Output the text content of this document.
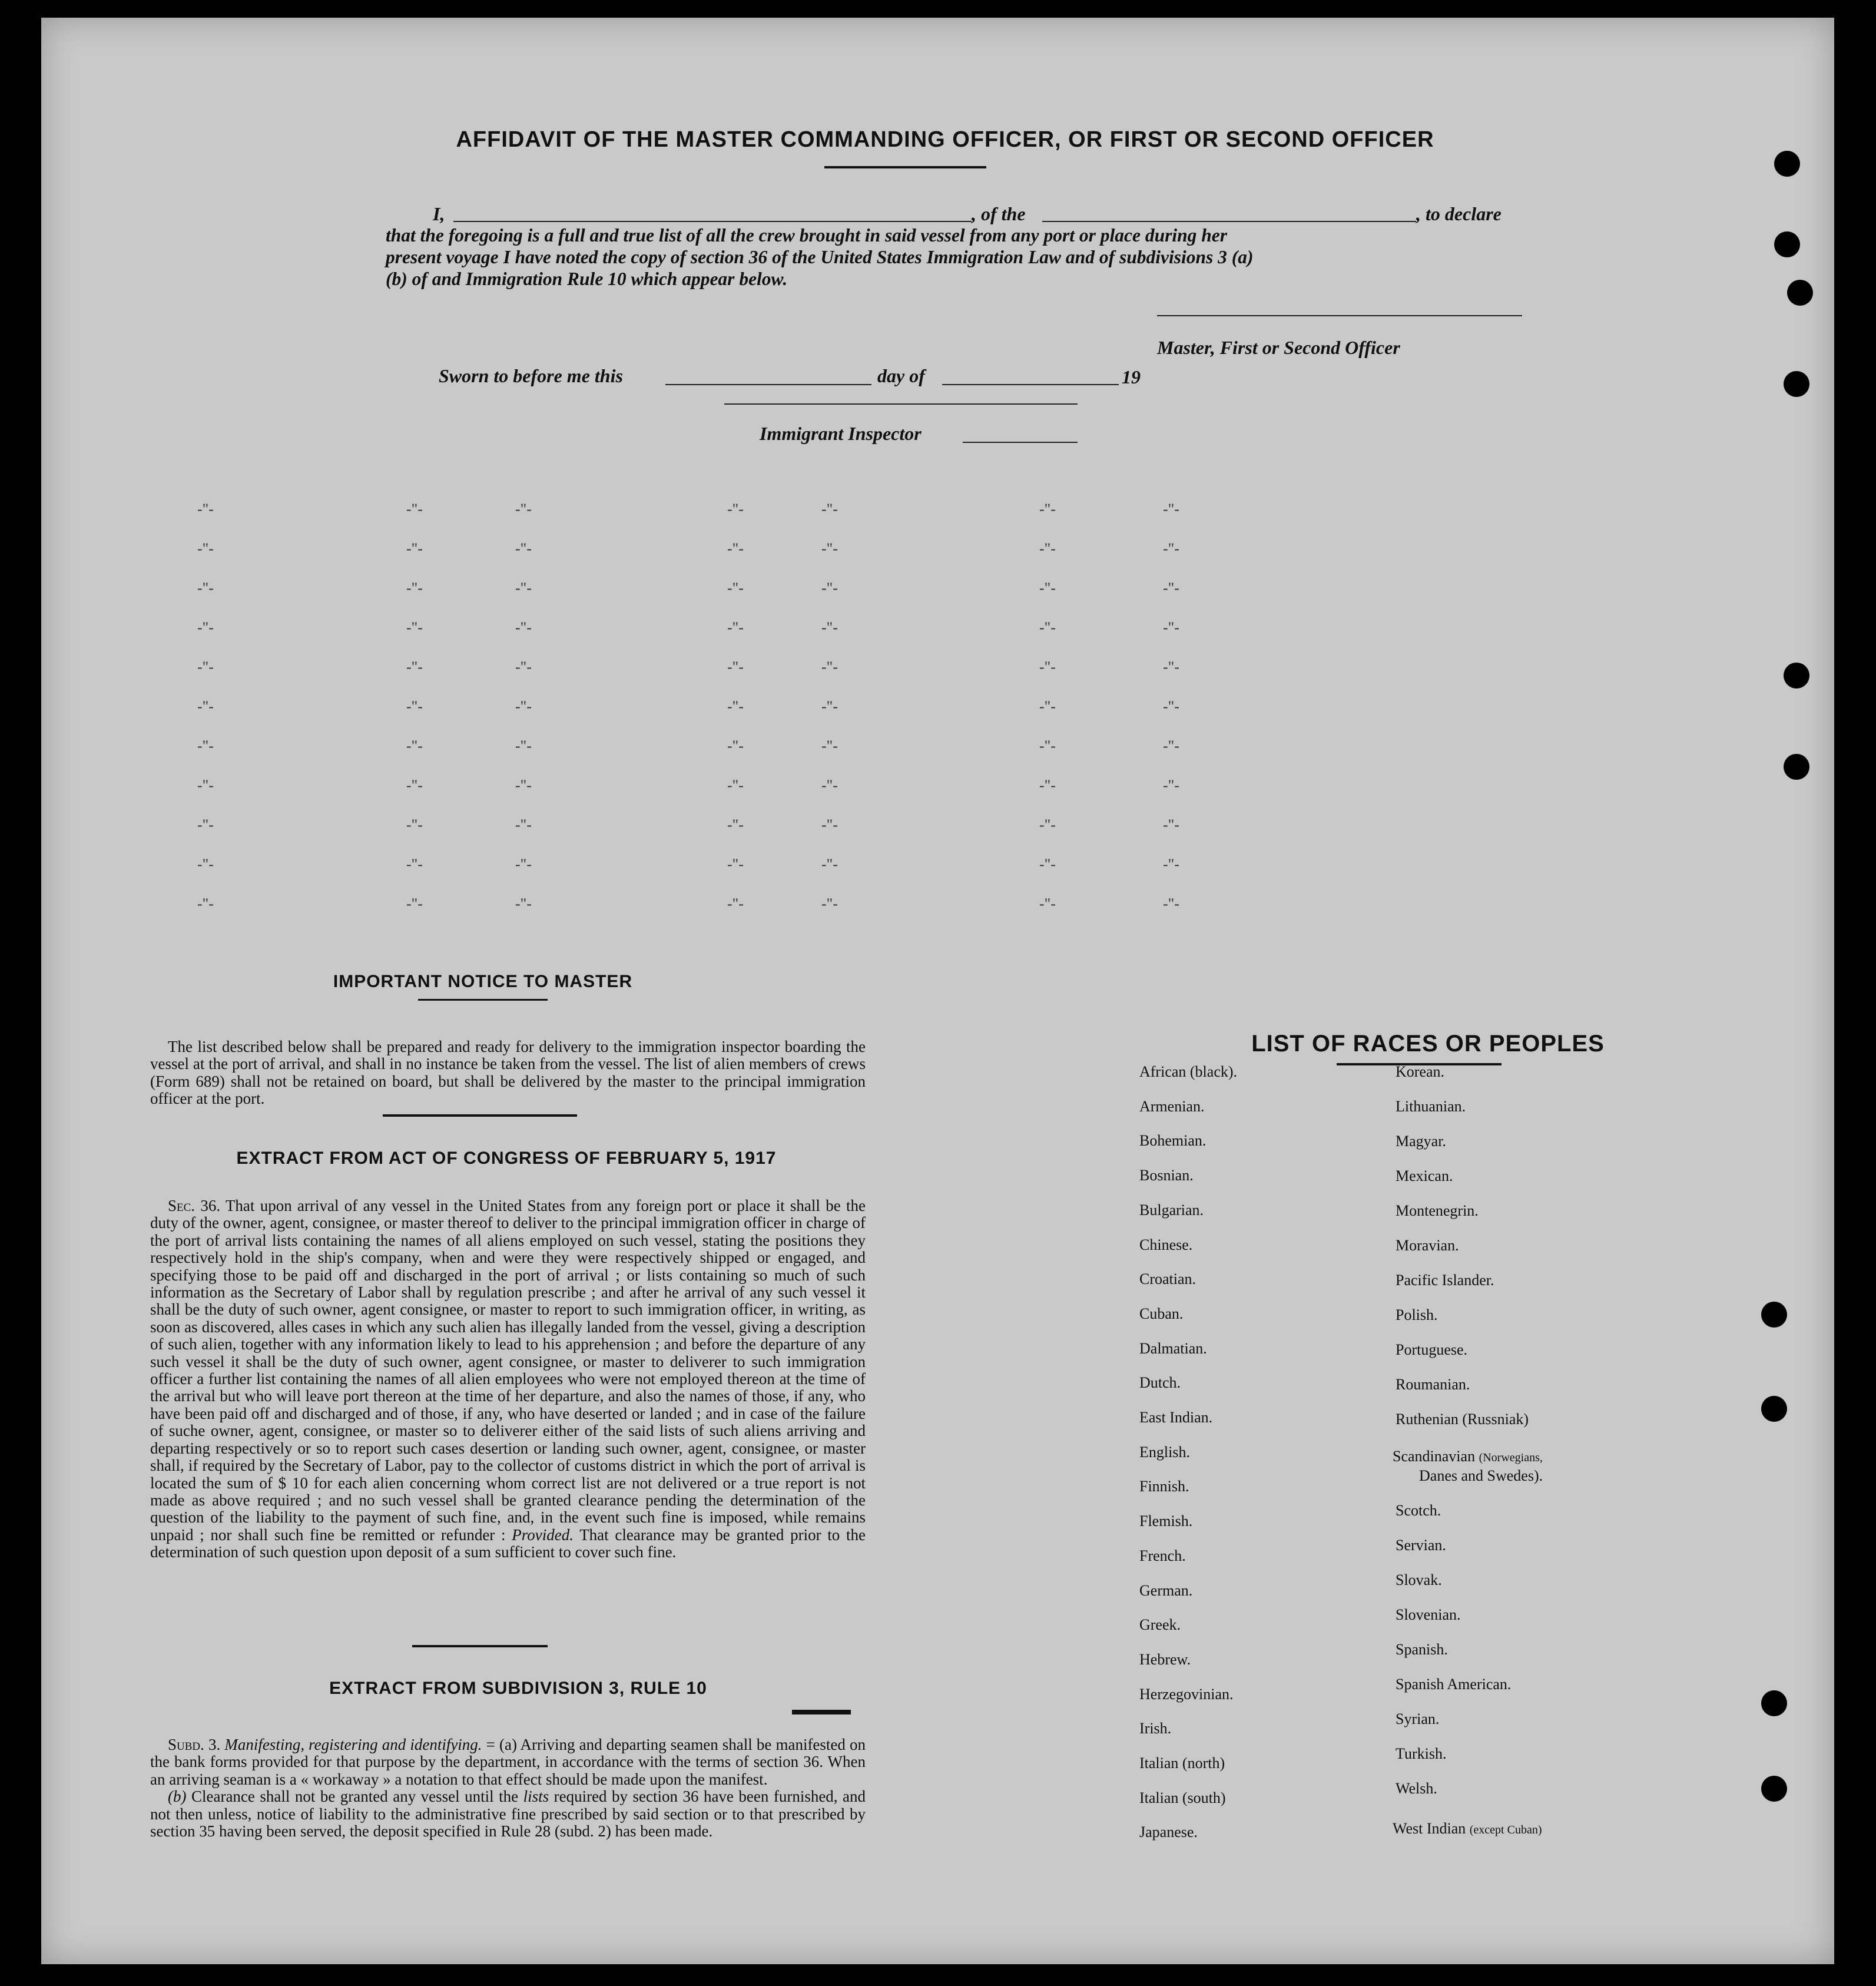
AFFIDAVIT OF THE MASTER COMMANDING OFFICER, OR FIRST OR SECOND OFFICER
I,	, of the	, to declare
that the foregoing is a full and true list of all the crew brought in said vessel from any port or place during her
present voyage I have noted the copy of section 36 of the United States Immigration Law and of subdivisions 3 (a)
(b) of and Immigration Rule 10 which appear below.
Master, First or Second Officer
Sworn to before me this	day of	19
Immigrant Inspector
IMPORTANT NOTICE TO MASTER

The list described below shall be prepared and ready for delivery to the immigration inspector boarding the vessel at the port of arrival, and shall in no instance be taken from the vessel. The list of alien members of crews (Form 689) shall not be retained on board, but shall be delivered by the master to the principal immigration officer at the port.

EXTRACT FROM ACT OF CONGRESS OF FEBRUARY 5, 1917

Sec. 36. That upon arrival of any vessel in the United States from any foreign port or place it shall be the duty of the owner, agent, consignee, or master thereof to deliver to the principal immigration officer in charge of the port of arrival lists containing the names of all aliens employed on such vessel, stating the positions they respectively hold in the ship's company, when and were they were respectively shipped or engaged, and specifying those to be paid off and discharged in the port of arrival ; or lists containing so much of such information as the Secretary of Labor shall by regulation prescribe ; and after he arrival of any such vessel it shall be the duty of such owner, agent consignee, or master to report to such immigration officer, in writing, as soon as discovered, alles cases in which any such alien has illegally landed from the vessel, giving a description of such alien, together with any information likely to lead to his apprehension ; and before the departure of any such vessel it shall be the duty of such owner, agent consignee, or master to deliverer to such immigration officer a further list containing the names of all alien employees who were not employed thereon at the time of the arrival but who will leave port thereon at the time of her departure, and also the names of those, if any, who have been paid off and discharged and of those, if any, who have deserted or landed ; and in case of the failure of suche owner, agent, consignee, or master so to deliverer either of the said lists of such aliens arriving and departing respectively or so to report such cases desertion or landing such owner, agent, consignee, or master shall, if required by the Secretary of Labor, pay to the collector of customs district in which the port of arrival is located the sum of $ 10 for each alien concerning whom correct list are not delivered or a true report is not made as above required ; and no such vessel shall be granted clearance pending the determination of the question of the liability to the payment of such fine, and, in the event such fine is imposed, while remains unpaid ; nor shall such fine be remitted or refunder : Provided. That clearance may be granted prior to the determination of such question upon deposit of a sum sufficient to cover such fine.

EXTRACT FROM SUBDIVISION 3, RULE 10

Subd. 3. Manifesting, registering and identifying. = (a) Arriving and departing seamen shall be manifested on the bank forms provided for that purpose by the department, in accordance with the terms of section 36. When an arriving seaman is a « workaway » a notation to that effect should be made upon the manifest.

(b) Clearance shall not be granted any vessel until the lists required by section 36 have been furnished, and not then unless, notice of liability to the administrative fine prescribed by said section or to that prescribed by section 35 having been served, the deposit specified in Rule 28 (subd. 2) has been made.

LIST OF RACES OR PEOPLES
Scandinavian (Norwegians,
Danes and Swedes).
West Indian (except Cuban)
African (black).
Armenian.
Bohemian.
Bosnian.
Bulgarian.
Chinese.
Croatian.
Cuban.
Dalmatian.
Dutch.
East Indian.
English.
Finnish.
Flemish.
French.
German.
Greek.
Hebrew.
Herzegovinian.
Irish.
Italian (north)
Italian (south)
Japanese.
Korean.
Lithuanian.
Magyar.
Mexican.
Montenegrin.
Moravian.
Pacific Islander.
Polish.
Portuguese.
Roumanian.
Ruthenian (Russniak)
Scotch.
Servian.
Slovak.
Slovenian.
Spanish.
Spanish American.
Syrian.
Turkish.
Welsh.
-"-	-"-	-"-	-"-	-"-	-"-	-"-
-"-	-"-	-"-	-"-	-"-	-"-	-"-
-"-	-"-	-"-	-"-	-"-	-"-	-"-
-"-	-"-	-"-	-"-	-"-	-"-	-"-
-"-	-"-	-"-	-"-	-"-	-"-	-"-
-"-	-"-	-"-	-"-	-"-	-"-	-"-
-"-	-"-	-"-	-"-	-"-	-"-	-"-
-"-	-"-	-"-	-"-	-"-	-"-	-"-
-"-	-"-	-"-	-"-	-"-	-"-	-"-
-"-	-"-	-"-	-"-	-"-	-"-	-"-
-"-	-"-	-"-	-"-	-"-	-"-	-"-
